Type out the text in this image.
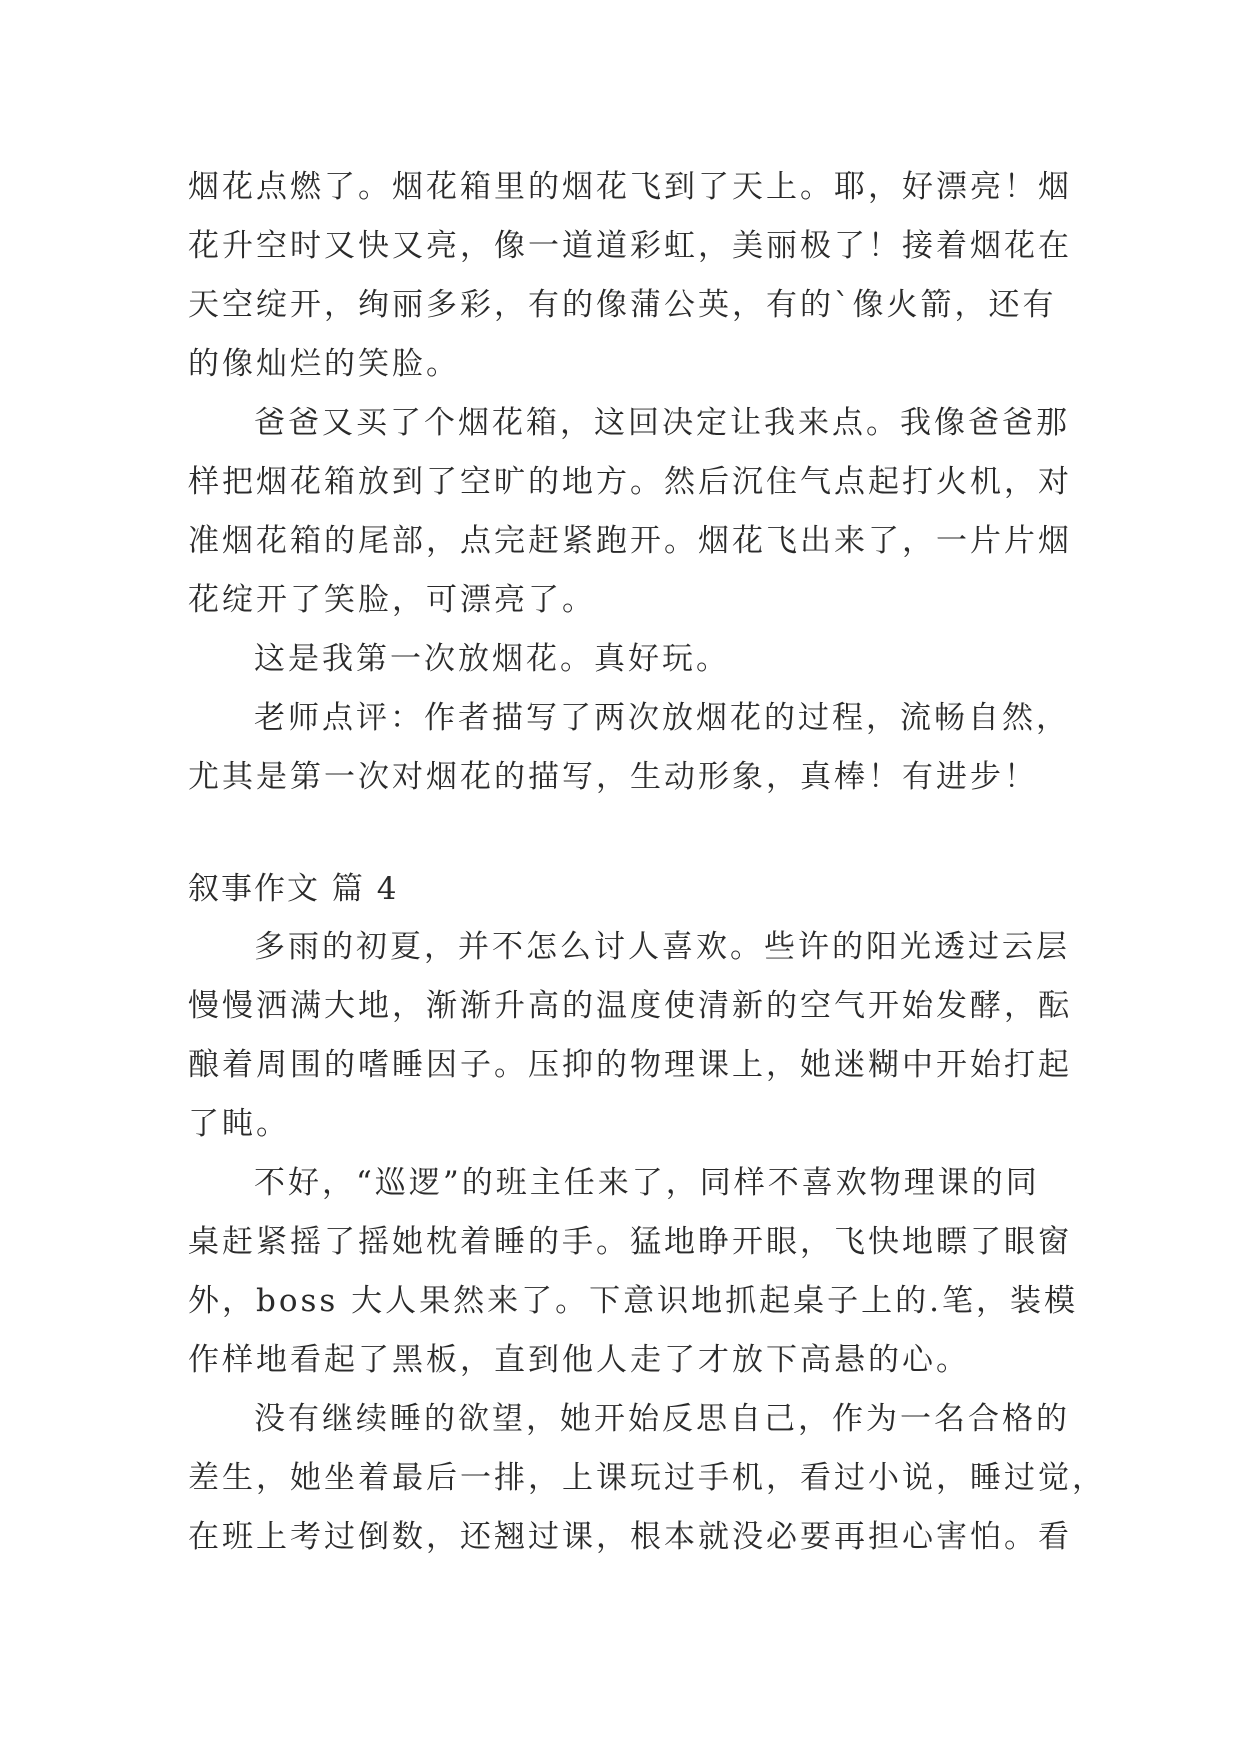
烟花点燃了。烟花箱里的烟花飞到了天上。耶，好漂亮！烟

花升空时又快又亮，像一道道彩虹，美丽极了！接着烟花在

天空绽开，绚丽多彩，有的像蒲公英，有的`像火箭，还有

的像灿烂的笑脸。

爸爸又买了个烟花箱，这回决定让我来点。我像爸爸那

样把烟花箱放到了空旷的地方。然后沉住气点起打火机，对

准烟花箱的尾部，点完赶紧跑开。烟花飞出来了，一片片烟

花绽开了笑脸，可漂亮了。

这是我第一次放烟花。真好玩。

老师点评：作者描写了两次放烟花的过程，流畅自然，

尤其是第一次对烟花的描写，生动形象，真棒！有进步！

叙事作文 篇 4

多雨的初夏，并不怎么讨人喜欢。些许的阳光透过云层

慢慢洒满大地，渐渐升高的温度使清新的空气开始发酵，酝

酿着周围的嗜睡因子。压抑的物理课上，她迷糊中开始打起

了盹。

不好，“巡逻”的班主任来了，同样不喜欢物理课的同

桌赶紧摇了摇她枕着睡的手。猛地睁开眼，飞快地瞟了眼窗

外，boss 大人果然来了。下意识地抓起桌子上的.笔，装模

作样地看起了黑板，直到他人走了才放下高悬的心。

没有继续睡的欲望，她开始反思自己，作为一名合格的

差生，她坐着最后一排，上课玩过手机，看过小说，睡过觉，

在班上考过倒数，还翘过课，根本就没必要再担心害怕。看
